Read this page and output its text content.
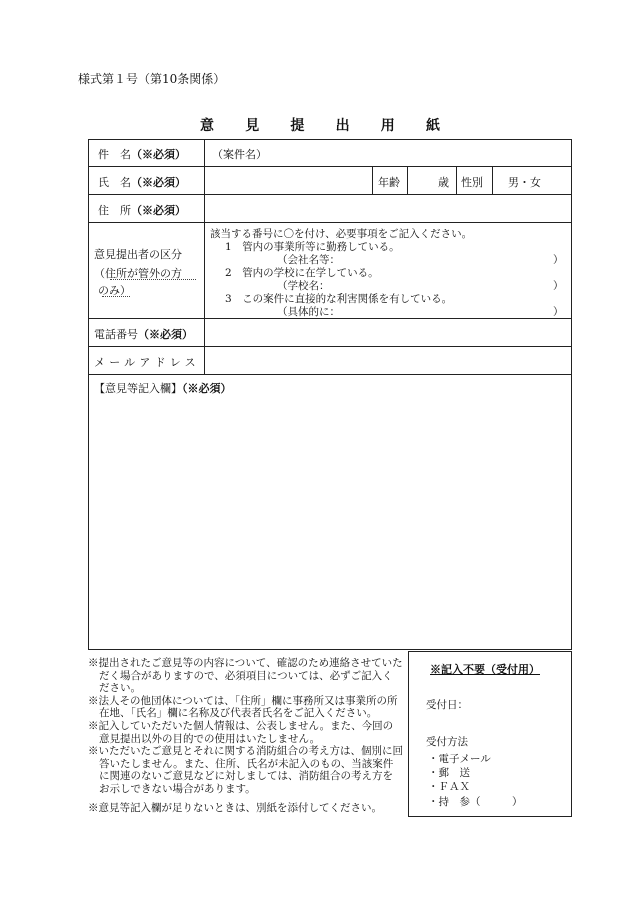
様式第１号（第10条関係）
意 見 提 出 用 紙
件　名（※必須） （案件名）
氏　名（※必須）	年齢	歳 性別 男・女
住　所（※必須）
意見提出者の区分
（住所が管外の方
のみ）
該当する番号に〇を付け、必要事項をご記入ください。
1　 管内の事業所等に勤務している。
（会社名等：	）
2　 管内の学校に在学している。
（学校名：	）
3　 この案件に直接的な利害関係を有している。
（具体的に：	）
電話番号（※必須）
メールアドレス
【意見等記入欄】（※必須）
※提出されたご意見等の内容について、確認のため連絡させていただく場合がありますので、必須項目については、必ずご記入ください。
※法人その他団体については、「住所」欄に事務所又は事業所の所在地、「氏名」欄に名称及び代表者氏名をご記入ください。
※記入していただいた個人情報は、公表しません。また、今回の意見提出以外の目的での使用はいたしません。
※いただいたご意見とそれに関する消防組合の考え方は、個別に回答いたしません。また、住所、氏名が未記入のもの、当該案件に関連のないご意見などに対しましては、消防組合の考え方をお示しできない場合があります。
※意見等記入欄が足りないときは、別紙を添付してください。
※記入不要（受付用）
受付日：
受付方法
・電子メール
・郵　送
・ＦＡＸ
・持　参（　　　）
